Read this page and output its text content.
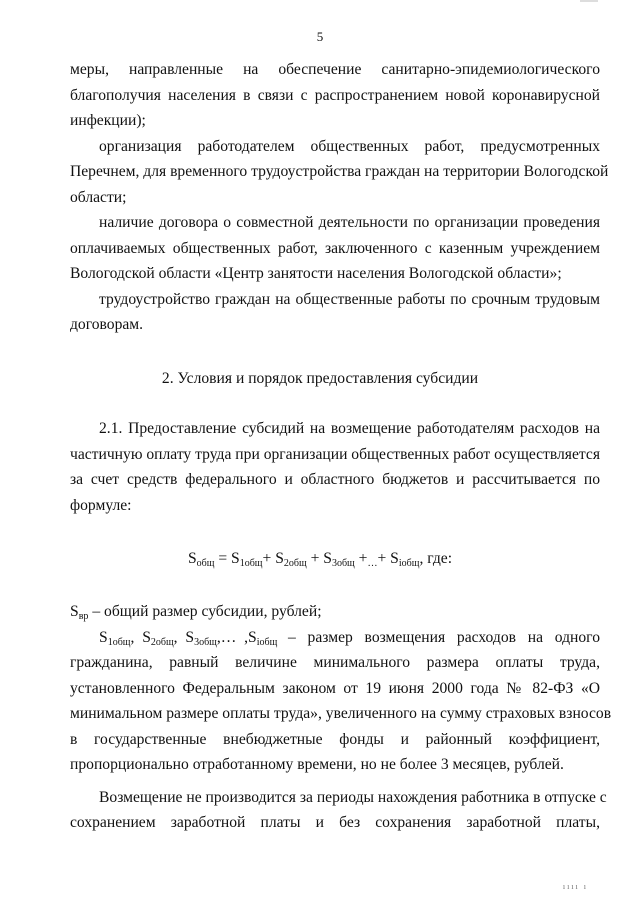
5
меры, направленные на обеспечение санитарно-эпидемиологического
благополучия населения в связи с распространением новой коронавирусной
инфекции);
организация работодателем общественных работ, предусмотренных
Перечнем, для временного трудоустройства граждан на территории Вологодской
области;
наличие договора о совместной деятельности по организации проведения
оплачиваемых общественных работ, заключенного с казенным учреждением
Вологодской области «Центр занятости населения Вологодской области»;
трудоустройство граждан на общественные работы по срочным трудовым
договорам.
2. Условия и порядок предоставления субсидии
2.1. Предоставление субсидий на возмещение работодателям расходов на
частичную оплату труда при организации общественных работ осуществляется
за счет средств федерального и областного бюджетов и рассчитывается по
формуле:
$S_{общ} = S_{1общ}+ S_{2общ} + S_{3общ} +_\dots+ S_{iобщ}$, где:
$S_{вр}$ – общий размер субсидии, рублей;
$S_{1общ}$,  $S_{2общ}$,  $S_{3общ},\dots$  $,S_{iобщ}$ – размер возмещения расходов на одного
гражданина, равный величине минимального размера оплаты труда,
установленного Федеральным законом от 19 июня 2000 года № 82-ФЗ «О
минимальном размере оплаты труда», увеличенного на сумму страховых взносов
в государственные внебюджетные фонды и районный коэффициент,
пропорционально отработанному времени, но не более 3 месяцев, рублей.
Возмещение не производится за периоды нахождения работника в отпуске с
сохранением заработной платы и без сохранения заработной платы,
ıııı ı
